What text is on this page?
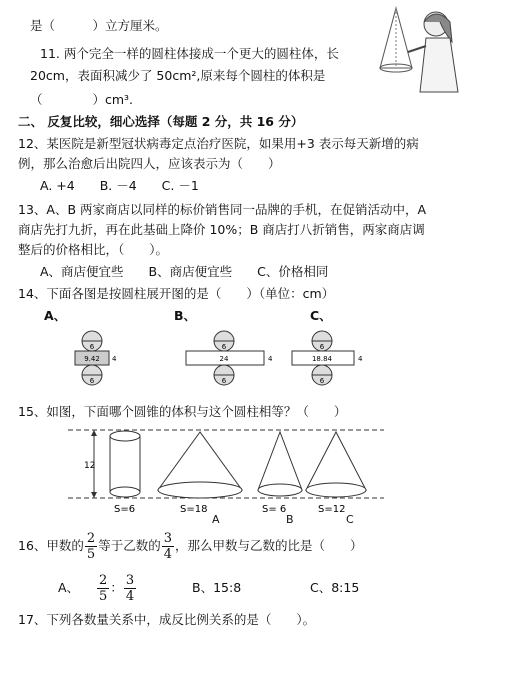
是（　　　）立方厘米。
11. 两个完全一样的圆柱体接成一个更大的圆柱体，长
20cm，表面积减少了 50cm²,原来每个圆柱的体积是
（　　　　）cm³.
二、 反复比较，细心选择（每题 2 分，共 16 分）
12、某医院是新型冠状病毒定点治疗医院，如果用+3 表示每天新增的病
例，那么治愈后出院四人，应该表示为（　　）
A. +4　　B. －4　　C. －1
13、A、B 两家商店以同样的标价销售同一品牌的手机，在促销活动中，A
商店先打九折，再在此基础上降价 10%；B 商店打八折销售，两家商店调
整后的价格相比，（　　）。
A、商店便宜些　　B、商店便宜些　　C、价格相同
14、下面各图是按圆柱展开图的是（　　）（单位：cm）
A、	B、	C、
6
9.42 4
6
6
24	4
6
6
18.84	4
6
15、如图，下面哪个圆锥的体积与这个圆柱相等？（　　）
12
S=6	S=18	S= 6	S=12
A	B	C
16、甲数的 $\frac{2}{5}$ 等于乙数的 $\frac{3}{4}$ ，那么甲数与乙数的比是（　　）
A、 $\frac{2}{5}$ ： $\frac{3}{4}$	B、15:8	C、8:15
17、下列各数量关系中，成反比例关系的是（　　）。
